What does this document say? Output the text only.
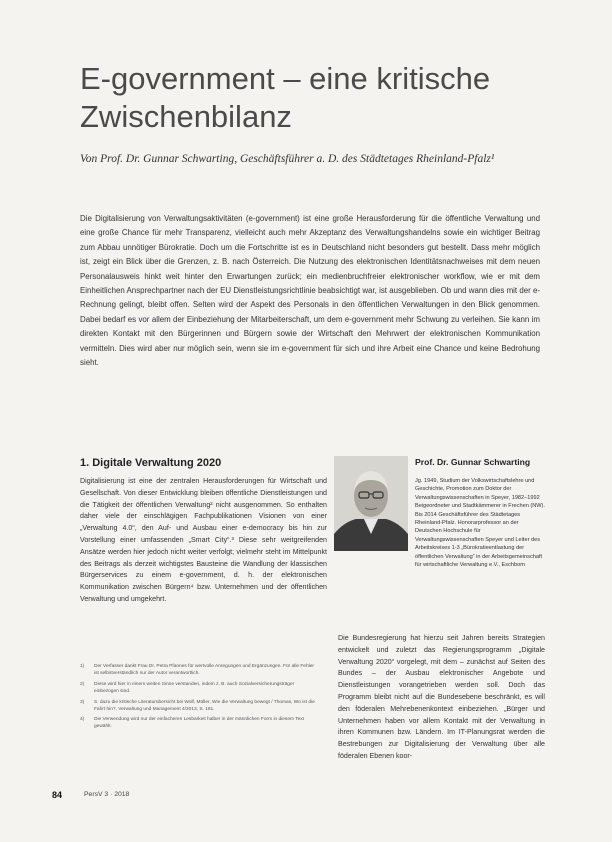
E-government – eine kritische Zwischenbilanz

Von Prof. Dr. Gunnar Schwarting, Geschäftsführer a. D. des Städtetages Rheinland-Pfalz¹

Die Digitalisierung von Verwaltungsaktivitäten (e-government) ist eine große Herausforderung für die öffentliche Verwaltung und eine große Chance für mehr Transparenz, vielleicht auch mehr Akzeptanz des Verwaltungshandelns sowie ein wichtiger Beitrag zum Abbau unnötiger Bürokratie. Doch um die Fortschritte ist es in Deutschland nicht besonders gut bestellt. Dass mehr möglich ist, zeigt ein Blick über die Grenzen, z. B. nach Österreich. Die Nutzung des elektronischen Identitätsnachweises mit dem neuen Personalausweis hinkt weit hinter den Erwartungen zurück; ein medienbruchfreier elektronischer workflow, wie er mit dem Einheitlichen Ansprechpartner nach der EU Dienstleistungsrichtlinie beabsichtigt war, ist ausgeblieben. Ob und wann dies mit der e-Rechnung gelingt, bleibt offen. Selten wird der Aspekt des Personals in den öffentlichen Verwaltungen in den Blick genommen. Dabei bedarf es vor allem der Einbeziehung der Mitarbeiterschaft, um dem e-government mehr Schwung zu verleihen. Sie kann im direkten Kontakt mit den Bürgerinnen und Bürgern sowie der Wirtschaft den Mehrwert der elektronischen Kommunikation vermitteln. Dies wird aber nur möglich sein, wenn sie im e-government für sich und ihre Arbeit eine Chance und keine Bedrohung sieht.

1. Digitale Verwaltung 2020

Digitalisierung ist eine der zentralen Herausforderungen für Wirtschaft und Gesellschaft. Von dieser Entwicklung bleiben öffentliche Dienstleistungen und die Tätigkeit der öffentlichen Verwaltung² nicht ausgenommen. So enthalten daher viele der einschlägigen Fachpublikationen Visionen von einer „Verwaltung 4.0“, den Auf- und Ausbau einer e-democracy bis hin zur Vorstellung einer umfassenden „Smart City“.³ Diese sehr weitgreifenden Ansätze werden hier jedoch nicht weiter verfolgt; vielmehr steht im Mittelpunkt des Beitrags als derzeit wichtigstes Bausteine die Wandlung der klassischen Bürgerservices zu einem e-government, d. h. der elektronischen Kommunikation zwischen Bürgern⁴ bzw. Unternehmen und der öffentlichen Verwaltung und umgekehrt.

Prof. Dr. Gunnar Schwarting

Jg. 1949, Studium der Volkswirtschaftslehre und Geschichte, Promotion zum Doktor der Verwaltungswissenschaften in Speyer, 1982–1992 Beigeordneter und Stadtkämmerer in Frechen (NW). Bis 2014 Geschäftsführer des Städtetages Rheinland-Pfalz. Honorarprofessor an der Deutschen Hochschule für Verwaltungswissenschaften Speyer und Leiter des Arbeitskreises 1-3 „Bürokratieentlastung der öffentlichen Verwaltung“ in der Arbeitsgemeinschaft für wirtschaftliche Verwaltung e.V., Eschborn

Die Bundesregierung hat hierzu seit Jahren bereits Strategien entwickelt und zuletzt das Regierungsprogramm „Digitale Verwaltung 2020“ vorgelegt, mit dem – zunächst auf Seiten des Bundes – der Ausbau elektronischer Angebote und Dienstleistungen vorangetrieben werden soll. Doch das Programm bleibt nicht auf die Bundesebene beschränkt, es will den föderalen Mehrebenenkontext einbeziehen. „Bürger und Unternehmen haben vor allem Kontakt mit der Verwaltung in ihren Kommunen bzw. Ländern. Im IT-Planungsrat werden die Bestrebungen zur Digitalisierung der Verwaltung über alle föderalen Ebenen koor-

1)	Der Verfasser dankt Frau Dr. Petra Pfannes für wertvolle Anregungen und Ergänzungen. Für alle Fehler ist selbstverständlich nur der Autor verantwortlich.
2)	Diese wird hier in einem weiten Sinne verstanden, indem z. B. auch Sozialversicherungsträger einbezogen sind.
3)	S. dazu die kritische Literaturübersicht bei Wolf, Müller, Wie die Verwaltung bewegt / Thomas, Wo ist die Fahrt hin?, Verwaltung und Management 4/2013, S. 181.
4)	Die Verwendung wird nur der einfacheren Lesbarkeit halber in der männlichen Form in diesem Text gewählt.
84	PersV 3 · 2018
